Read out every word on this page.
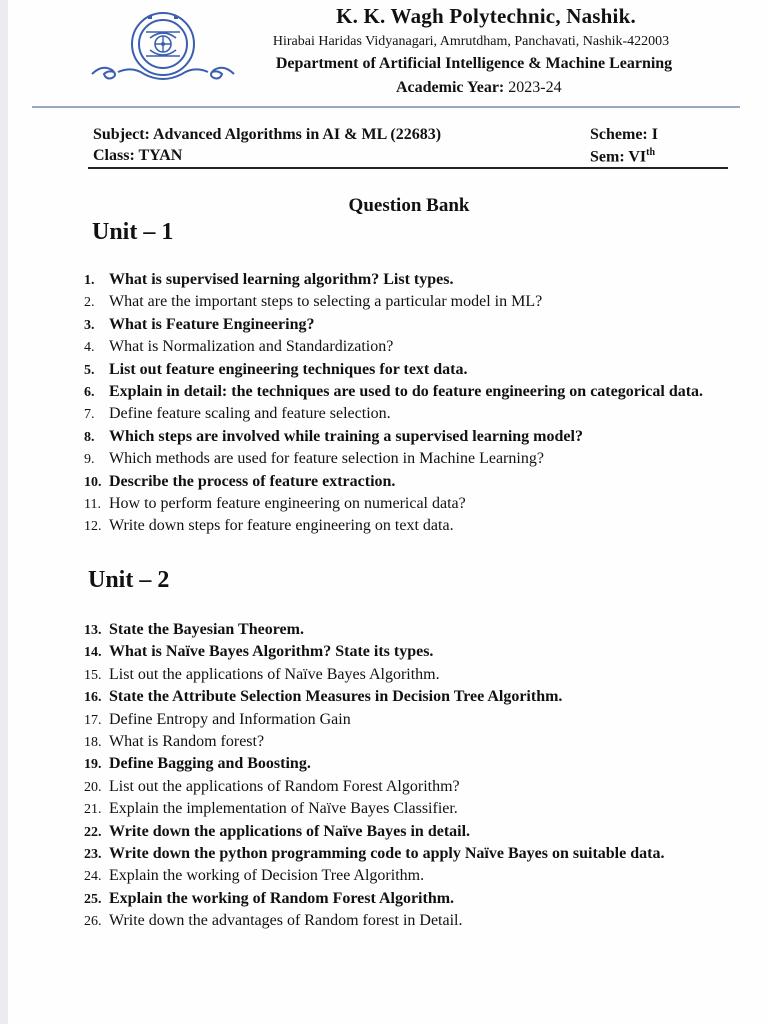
K. K. Wagh Polytechnic, Nashik.
Hirabai Haridas Vidyanagari, Amrutdham, Panchavati, Nashik-422003
Department of Artificial Intelligence & Machine Learning
Academic Year: 2023-24
Subject: Advanced Algorithms in AI & ML (22683)
Class: TYAN
Scheme: I
Sem: VIth
Question Bank
Unit – 1
1. What is supervised learning algorithm? List types.
2. What are the important steps to selecting a particular model in ML?
3. What is Feature Engineering?
4. What is Normalization and Standardization?
5. List out feature engineering techniques for text data.
6. Explain in detail: the techniques are used to do feature engineering on categorical data.
7. Define feature scaling and feature selection.
8. Which steps are involved while training a supervised learning model?
9. Which methods are used for feature selection in Machine Learning?
10. Describe the process of feature extraction.
11. How to perform feature engineering on numerical data?
12. Write down steps for feature engineering on text data.
Unit – 2
13. State the Bayesian Theorem.
14. What is Naïve Bayes Algorithm? State its types.
15. List out the applications of Naïve Bayes Algorithm.
16. State the Attribute Selection Measures in Decision Tree Algorithm.
17. Define Entropy and Information Gain
18. What is Random forest?
19. Define Bagging and Boosting.
20. List out the applications of Random Forest Algorithm?
21. Explain the implementation of Naïve Bayes Classifier.
22. Write down the applications of Naïve Bayes in detail.
23. Write down the python programming code to apply Naïve Bayes on suitable data.
24. Explain the working of Decision Tree Algorithm.
25. Explain the working of Random Forest Algorithm.
26. Write down the advantages of Random forest in Detail.
